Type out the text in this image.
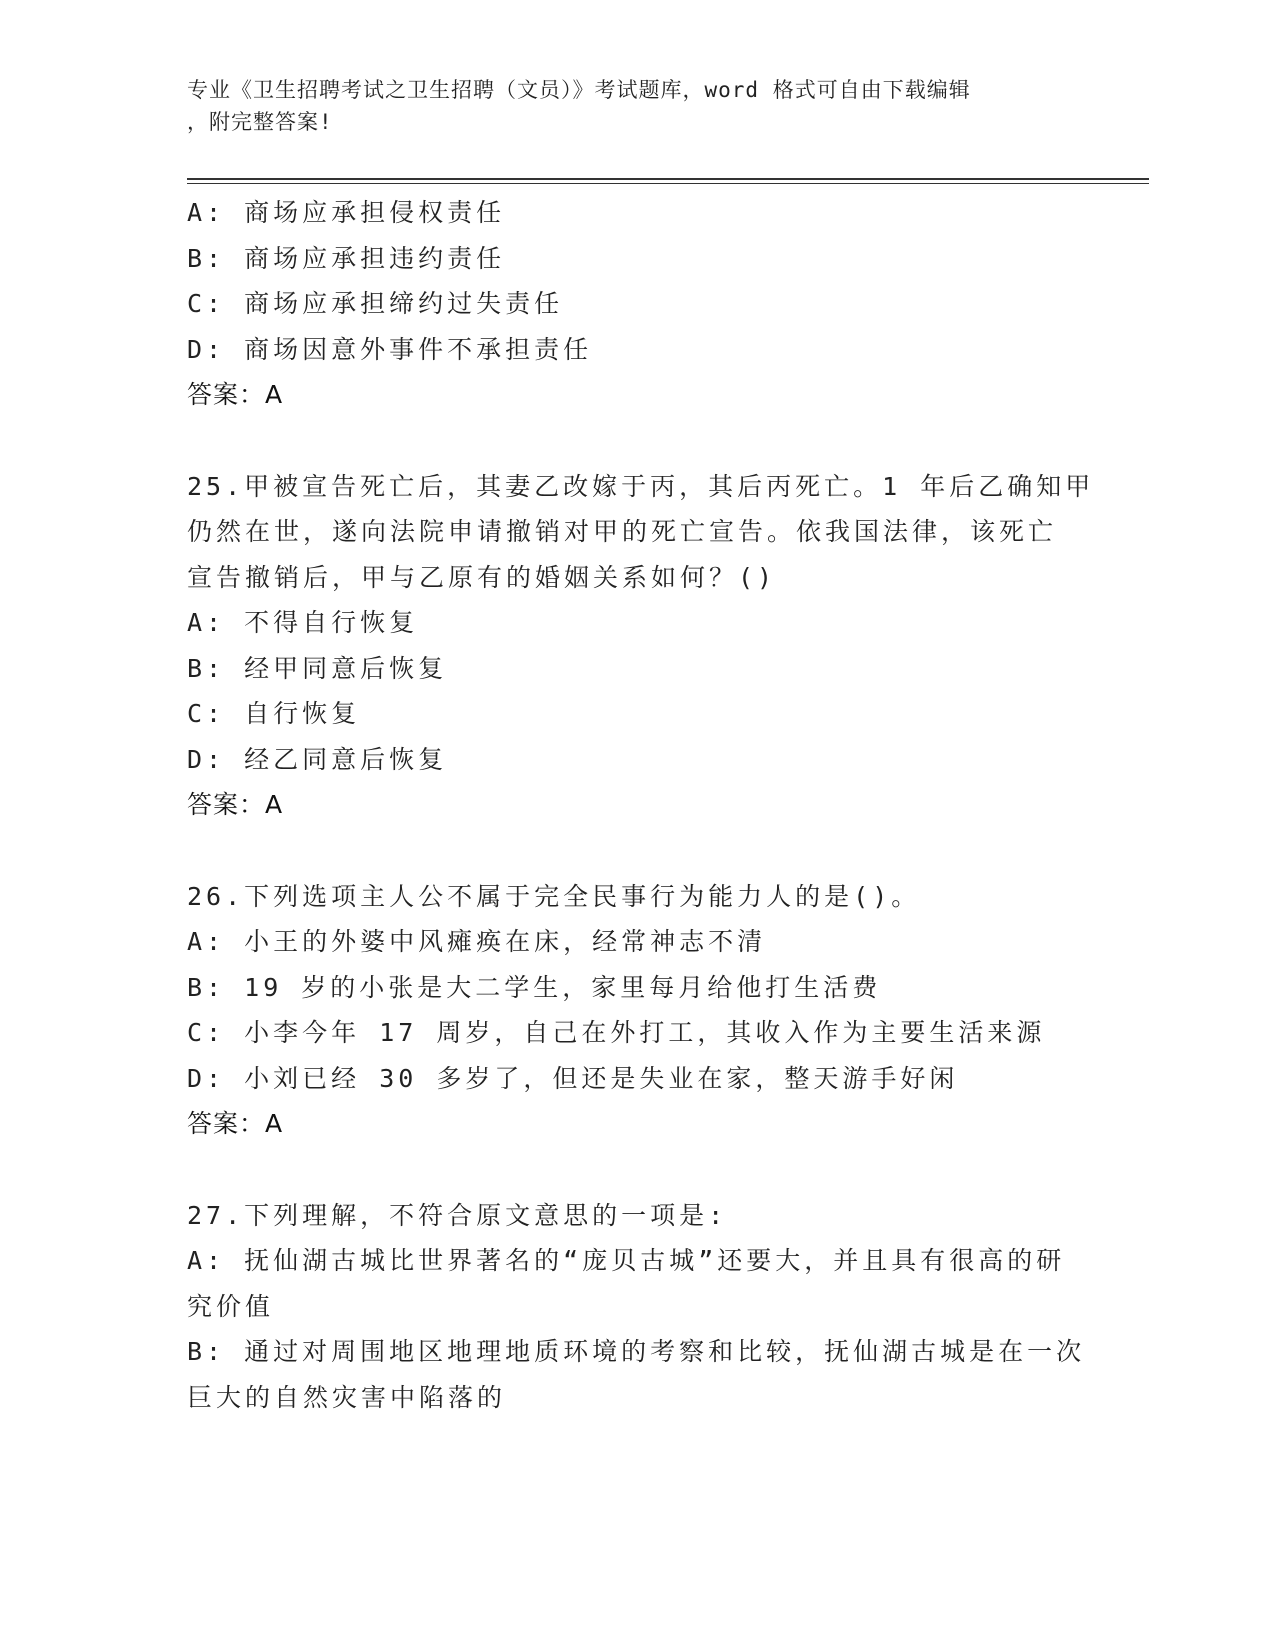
专业《卫生招聘考试之卫生招聘（文员）》考试题库，word 格式可自由下载编辑
，附完整答案!
A: 商场应承担侵权责任
B: 商场应承担违约责任
C: 商场应承担缔约过失责任
D: 商场因意外事件不承担责任
答案：A
25.甲被宣告死亡后，其妻乙改嫁于丙，其后丙死亡。1 年后乙确知甲
仍然在世，遂向法院申请撤销对甲的死亡宣告。依我国法律，该死亡
宣告撤销后，甲与乙原有的婚姻关系如何？()
A: 不得自行恢复
B: 经甲同意后恢复
C: 自行恢复
D: 经乙同意后恢复
答案：A
26.下列选项主人公不属于完全民事行为能力人的是()。
A: 小王的外婆中风瘫痪在床，经常神志不清
B: 19 岁的小张是大二学生，家里每月给他打生活费
C: 小李今年 17 周岁，自己在外打工，其收入作为主要生活来源
D: 小刘已经 30 多岁了，但还是失业在家，整天游手好闲
答案：A
27.下列理解，不符合原文意思的一项是:
A: 抚仙湖古城比世界著名的“庞贝古城”还要大，并且具有很高的研
究价值
B: 通过对周围地区地理地质环境的考察和比较，抚仙湖古城是在一次
巨大的自然灾害中陷落的
